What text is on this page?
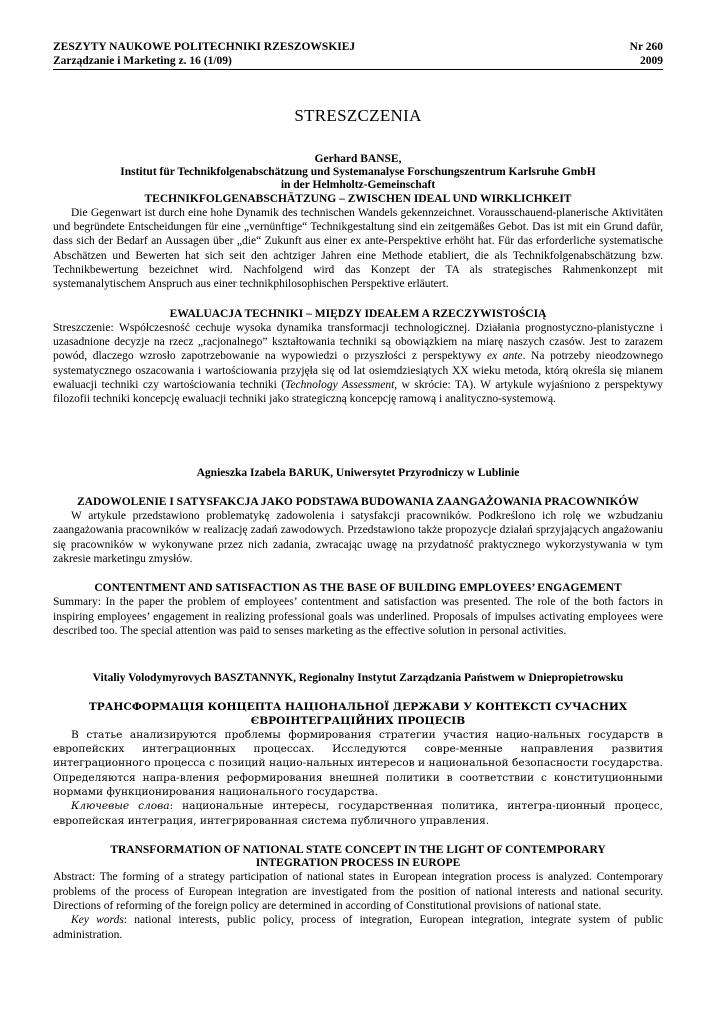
ZESZYTY NAUKOWE POLITECHNIKI RZESZOWSKIEJ	Nr 260
Zarządzanie i Marketing z. 16 (1/09)	2009
STRESZCZENIA

Gerhard BANSE,

Institut für Technikfolgenabschätzung und Systemanalyse Forschungszentrum Karlsruhe GmbH

in der Helmholtz-Gemeinschaft

TECHNIKFOLGENABSCHÄTZUNG – ZWISCHEN IDEAL UND WIRKLICHKEIT

Die Gegenwart ist durch eine hohe Dynamik des technischen Wandels gekennzeichnet. Vorausschauend-planerische Aktivitäten und begründete Entscheidungen für eine „vernünftige“ Technikgestaltung sind ein zeitgemäßes Gebot. Das ist mit ein Grund dafür, dass sich der Bedarf an Aussagen über „die“ Zukunft aus einer ex ante-Perspektive erhöht hat. Für das erforderliche systematische Abschätzen und Bewerten hat sich seit den achtziger Jahren eine Methode etabliert, die als Technikfolgenabschätzung bzw. Technikbewertung bezeichnet wird. Nachfolgend wird das Konzept der TA als strategisches Rahmenkonzept mit systemanalytischem Anspruch aus einer technikphilosophischen Perspektive erläutert.

EWALUACJA TECHNIKI – MIĘDZY IDEAŁEM A RZECZYWISTOŚCIĄ

Streszczenie: Współczesność cechuje wysoka dynamika transformacji technologicznej. Działania prognostyczno-planistyczne i uzasadnione decyzje na rzecz „racjonalnego” kształtowania techniki są obowiązkiem na miarę naszych czasów. Jest to zarazem powód, dlaczego wzrosło zapotrzebowanie na wypowiedzi o przyszłości z perspektywy ex ante. Na potrzeby nieodzownego systematycznego oszacowania i wartościowania przyjęła się od lat osiemdziesiątych XX wieku metoda, którą określa się mianem ewaluacji techniki czy wartościowania techniki (Technology Assessment, w skrócie: TA). W artykule wyjaśniono z perspektywy filozofii techniki koncepcję ewaluacji techniki jako strategiczną koncepcję ramową i analityczno-systemową.

Agnieszka Izabela BARUK, Uniwersytet Przyrodniczy w Lublinie

ZADOWOLENIE I SATYSFAKCJA JAKO PODSTAWA BUDOWANIA ZAANGAŻOWANIA PRACOWNIKÓW

W artykule przedstawiono problematykę zadowolenia i satysfakcji pracowników. Podkreślono ich rolę we wzbudzaniu zaangażowania pracowników w realizację zadań zawodowych. Przedstawiono także propozycje działań sprzyjających angażowaniu się pracowników w wykonywane przez nich zadania, zwracając uwagę na przydatność praktycznego wykorzystywania w tym zakresie marketingu zmysłów.

CONTENTMENT AND SATISFACTION AS THE BASE OF BUILDING EMPLOYEES’ ENGAGEMENT

Summary: In the paper the problem of employees’ contentment and satisfaction was presented. The role of the both factors in inspiring employees’ engagement in realizing professional goals was underlined. Proposals of impulses activating employees were described too. The special attention was paid to senses marketing as the effective solution in personal activities.

Vitaliy Volodymyrovych BASZTANNYK, Regionalny Instytut Zarządzania Państwem w Dniepropietrowsku

ТРАНСФОРМАЦІЯ КОНЦЕПТА НАЦІОНАЛЬНОЇ ДЕРЖАВИ У КОНТЕКСТІ СУЧАСНИХ

ЄВРОІНТЕГРАЦІЙНИХ ПРОЦЕСІВ

В статье анализируются проблемы формирования стратегии участия нацио-нальных государств в европейских интеграционных процессах. Исследуются совре-менные направления развития интеграционного процесса с позиций нацио-нальных интересов и национальной безопасности государства. Определяются напра-вления реформирования внешней политики в соответствии с конституционными нормами функционирования национального государства.

Ключевые слова: национальные интересы, государственная политика, интегра-ционный процесс, европейская интеграция, интегрированная система публичного управления.

TRANSFORMATION OF NATIONAL STATE CONCEPT IN THE LIGHT OF CONTEMPORARY

INTEGRATION PROCESS IN EUROPE

Abstract: The forming of a strategy participation of national states in European integration process is analyzed. Contemporary problems of the process of European integration are investigated from the position of national interests and national security. Directions of reforming of the foreign policy are determined in according of Constitutional provisions of national state.

Key words: national interests, public policy, process of integration, European integration, integrate system of public administration.
